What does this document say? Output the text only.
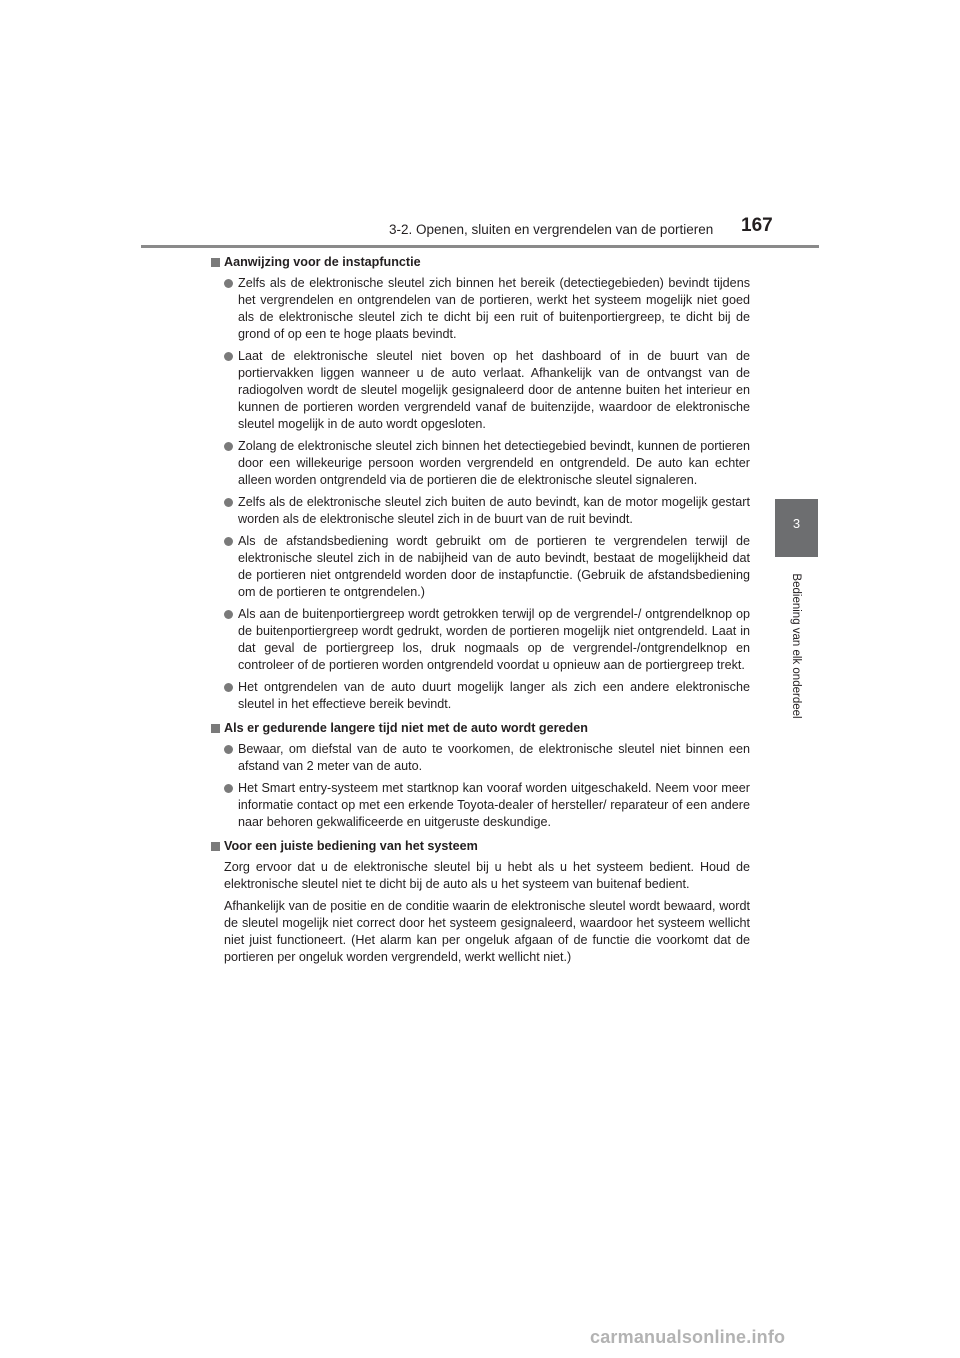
3-2. Openen, sluiten en vergrendelen van de portieren 167
3
Bediening van elk onderdeel
Aanwijzing voor de instapfunctie
Zelfs als de elektronische sleutel zich binnen het bereik (detectiegebieden) bevindt tijdens het vergrendelen en ontgrendelen van de portieren, werkt het systeem mogelijk niet goed als de elektronische sleutel zich te dicht bij een ruit of buitenportiergreep, te dicht bij de grond of op een te hoge plaats bevindt.
Laat de elektronische sleutel niet boven op het dashboard of in de buurt van de portiervakken liggen wanneer u de auto verlaat. Afhankelijk van de ontvangst van de radiogolven wordt de sleutel mogelijk gesignaleerd door de antenne buiten het interieur en kunnen de portieren worden vergrendeld vanaf de buitenzijde, waardoor de elektronische sleutel mogelijk in de auto wordt opgesloten.
Zolang de elektronische sleutel zich binnen het detectiegebied bevindt, kunnen de portieren door een willekeurige persoon worden vergrendeld en ontgrendeld. De auto kan echter alleen worden ontgrendeld via de portieren die de elektronische sleutel signaleren.
Zelfs als de elektronische sleutel zich buiten de auto bevindt, kan de motor mogelijk gestart worden als de elektronische sleutel zich in de buurt van de ruit bevindt.
Als de afstandsbediening wordt gebruikt om de portieren te vergrendelen terwijl de elektronische sleutel zich in de nabijheid van de auto bevindt, bestaat de mogelijkheid dat de portieren niet ontgrendeld worden door de instapfunctie. (Gebruik de afstandsbediening om de portieren te ontgrendelen.)
Als aan de buitenportiergreep wordt getrokken terwijl op de vergrendel-/ ontgrendelknop op de buitenportiergreep wordt gedrukt, worden de portieren mogelijk niet ontgrendeld. Laat in dat geval de portiergreep los, druk nogmaals op de vergrendel-/ontgrendelknop en controleer of de portieren worden ontgrendeld voordat u opnieuw aan de portiergreep trekt.
Het ontgrendelen van de auto duurt mogelijk langer als zich een andere elektronische sleutel in het effectieve bereik bevindt.
Als er gedurende langere tijd niet met de auto wordt gereden
Bewaar, om diefstal van de auto te voorkomen, de elektronische sleutel niet binnen een afstand van 2 meter van de auto.
Het Smart entry-systeem met startknop kan vooraf worden uitgeschakeld. Neem voor meer informatie contact op met een erkende Toyota-dealer of hersteller/ reparateur of een andere naar behoren gekwalificeerde en uitgeruste deskundige.
Voor een juiste bediening van het systeem
Zorg ervoor dat u de elektronische sleutel bij u hebt als u het systeem bedient. Houd de elektronische sleutel niet te dicht bij de auto als u het systeem van buitenaf bedient.
Afhankelijk van de positie en de conditie waarin de elektronische sleutel wordt bewaard, wordt de sleutel mogelijk niet correct door het systeem gesignaleerd, waardoor het systeem wellicht niet juist functioneert. (Het alarm kan per ongeluk afgaan of de functie die voorkomt dat de portieren per ongeluk worden vergrendeld, werkt wellicht niet.)
carmanualsonline.info
